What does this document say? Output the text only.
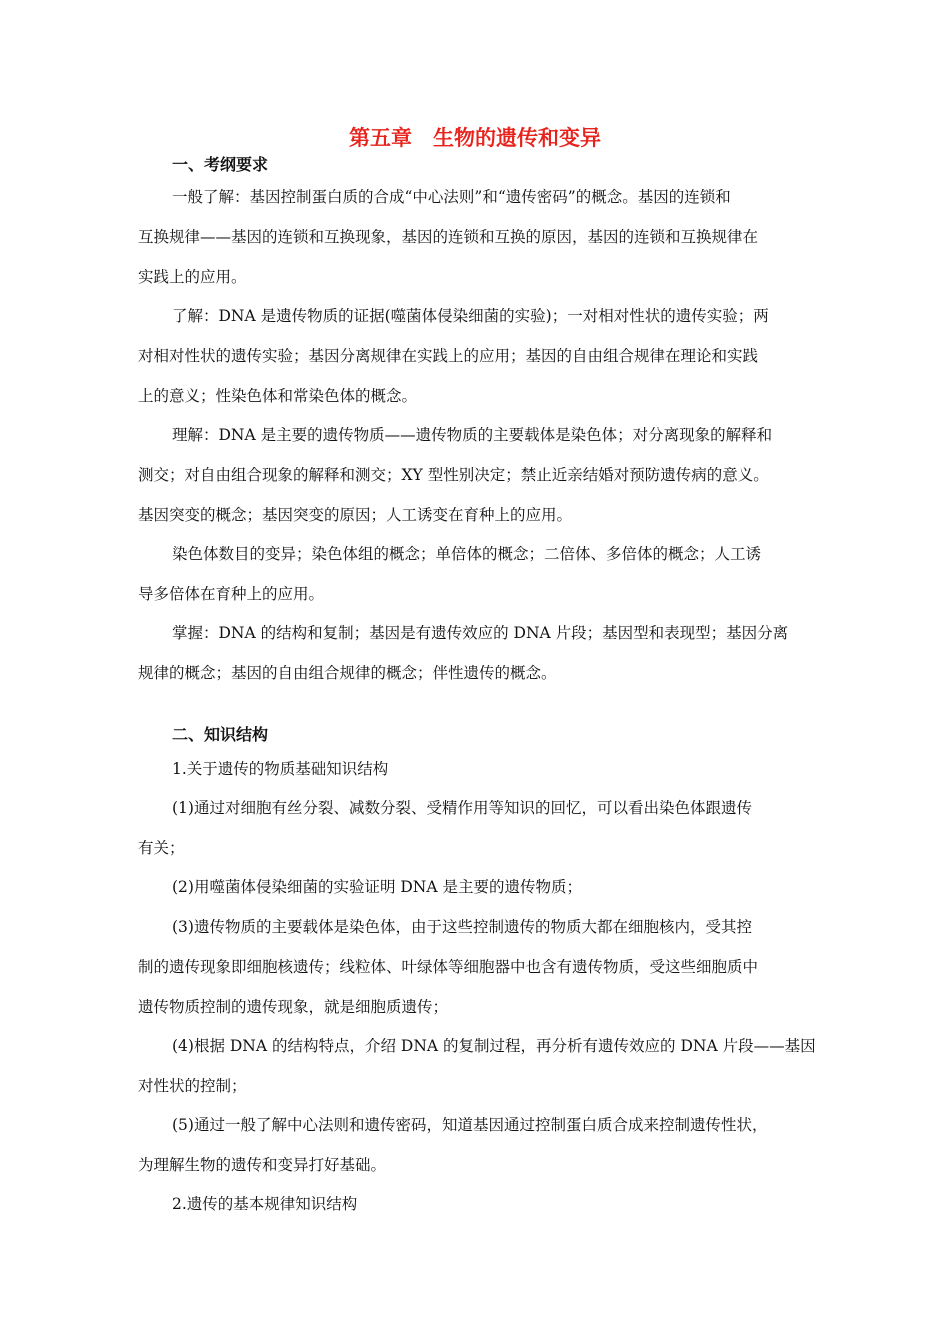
第五章　生物的遗传和变异
一、考纲要求
一般了解：基因控制蛋白质的合成“中心法则”和“遗传密码”的概念。基因的连锁和
互换规律——基因的连锁和互换现象，基因的连锁和互换的原因，基因的连锁和互换规律在
实践上的应用。
了解：DNA 是遗传物质的证据(噬菌体侵染细菌的实验)；一对相对性状的遗传实验；两
对相对性状的遗传实验；基因分离规律在实践上的应用；基因的自由组合规律在理论和实践
上的意义；性染色体和常染色体的概念。
理解：DNA 是主要的遗传物质——遗传物质的主要载体是染色体；对分离现象的解释和
测交；对自由组合现象的解释和测交；XY 型性别决定；禁止近亲结婚对预防遗传病的意义。
基因突变的概念；基因突变的原因；人工诱变在育种上的应用。
染色体数目的变异；染色体组的概念；单倍体的概念；二倍体、多倍体的概念；人工诱
导多倍体在育种上的应用。
掌握：DNA 的结构和复制；基因是有遗传效应的 DNA 片段；基因型和表现型；基因分离
规律的概念；基因的自由组合规律的概念；伴性遗传的概念。
二、知识结构
1.关于遗传的物质基础知识结构
(1)通过对细胞有丝分裂、减数分裂、受精作用等知识的回忆，可以看出染色体跟遗传
有关；
(2)用噬菌体侵染细菌的实验证明 DNA 是主要的遗传物质；
(3)遗传物质的主要载体是染色体，由于这些控制遗传的物质大都在细胞核内，受其控
制的遗传现象即细胞核遗传；线粒体、叶绿体等细胞器中也含有遗传物质，受这些细胞质中
遗传物质控制的遗传现象，就是细胞质遗传；
(4)根据 DNA 的结构特点，介绍 DNA 的复制过程，再分析有遗传效应的 DNA 片段——基因
对性状的控制；
(5)通过一般了解中心法则和遗传密码，知道基因通过控制蛋白质合成来控制遗传性状，
为理解生物的遗传和变异打好基础。
2.遗传的基本规律知识结构
